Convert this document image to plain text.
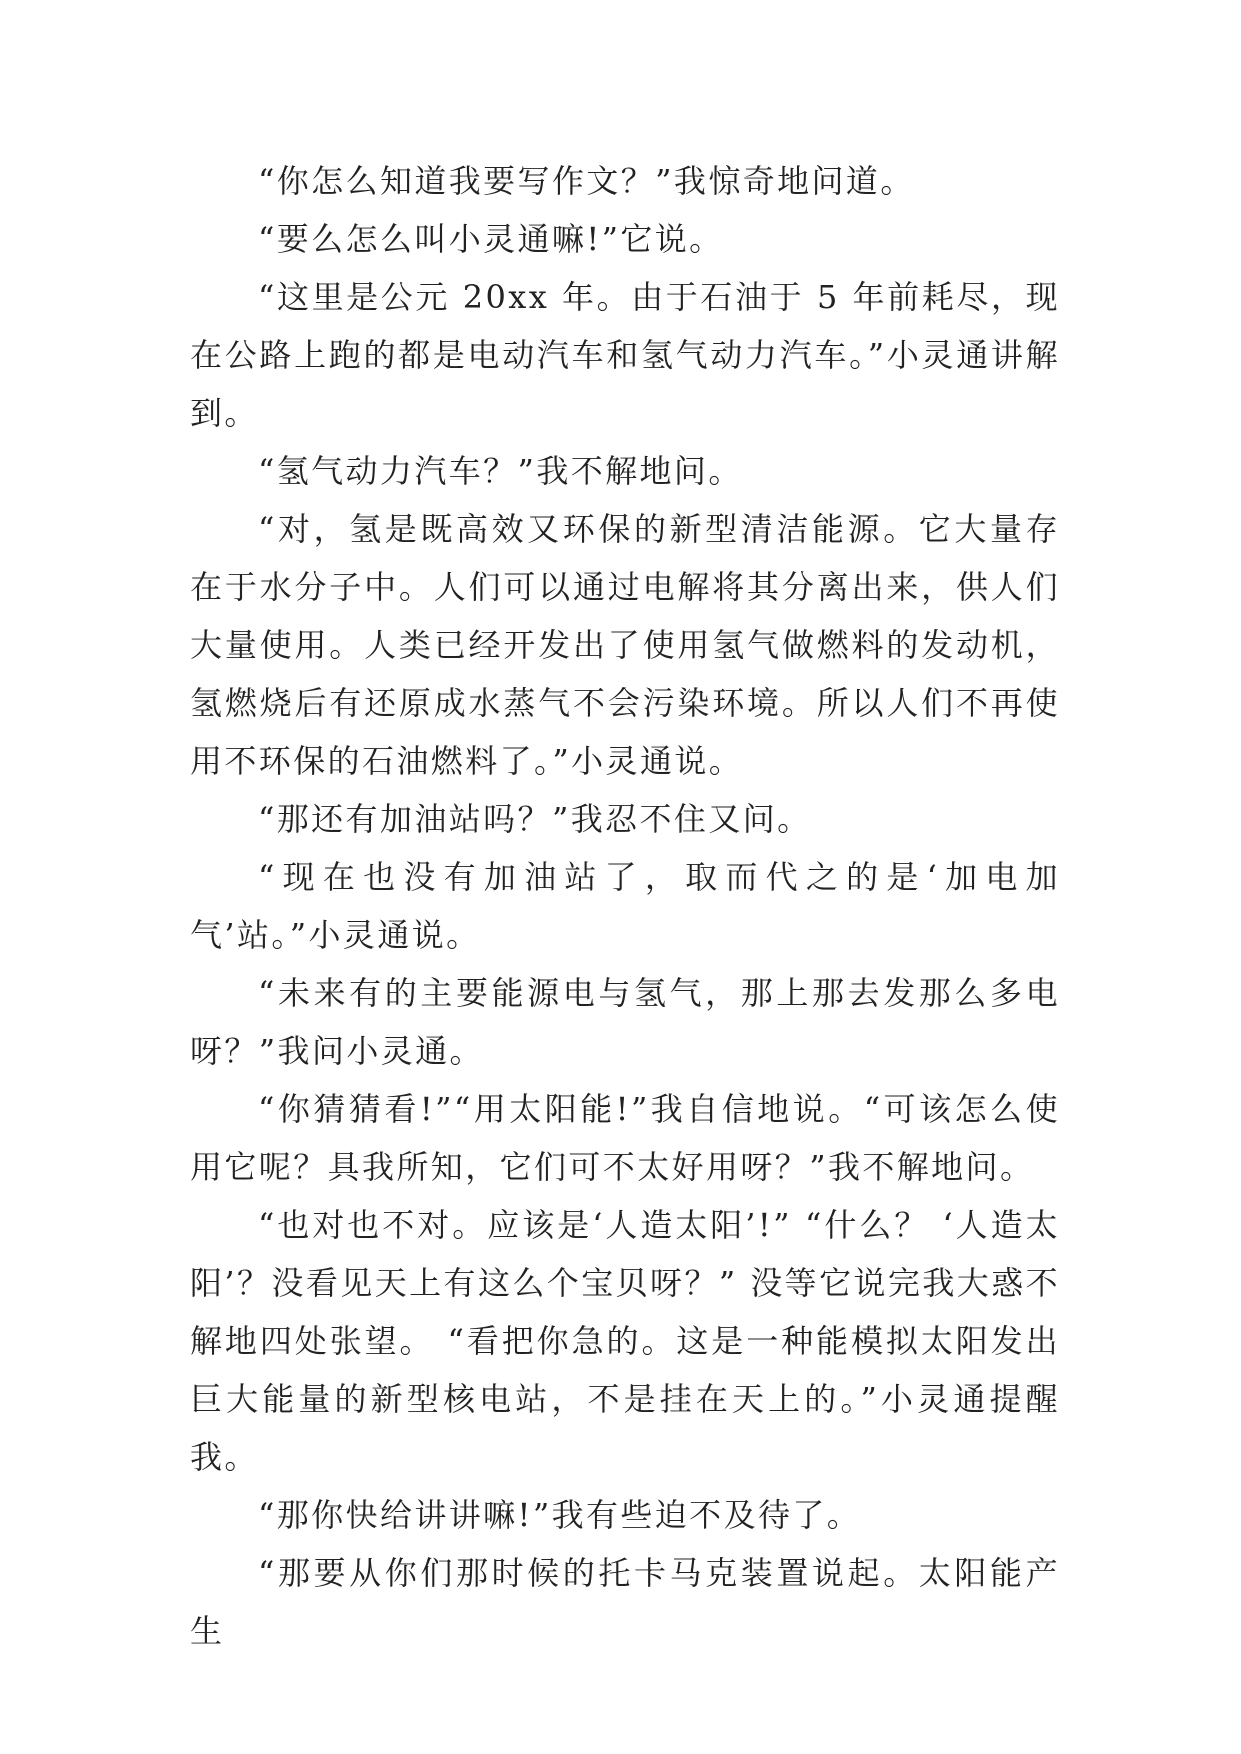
“你怎么知道我要写作文？”我惊奇地问道。

“要么怎么叫小灵通嘛!”它说。

“这里是公元 20xx 年。由于石油于 5 年前耗尽，现在公路上跑的都是电动汽车和氢气动力汽车。”小灵通讲解到。

“氢气动力汽车？”我不解地问。

“对，氢是既高效又环保的新型清洁能源。它大量存在于水分子中。人们可以通过电解将其分离出来，供人们大量使用。人类已经开发出了使用氢气做燃料的发动机，氢燃烧后有还原成水蒸气不会污染环境。所以人们不再使用不环保的石油燃料了。”小灵通说。

“那还有加油站吗？”我忍不住又问。

“现在也没有加油站了，取而代之的是‘加电加气’站。”小灵通说。

“未来有的主要能源电与氢气，那上那去发那么多电呀？”我问小灵通。

“你猜猜看!”“用太阳能!”我自信地说。“可该怎么使用它呢？具我所知，它们可不太好用呀？”我不解地问。

“也对也不对。应该是‘人造太阳’!” “什么？ ‘人造太阳’？没看见天上有这么个宝贝呀？” 没等它说完我大惑不解地四处张望。 “看把你急的。这是一种能模拟太阳发出巨大能量的新型核电站，不是挂在天上的。”小灵通提醒我。

“那你快给讲讲嘛!”我有些迫不及待了。

“那要从你们那时候的托卡马克装置说起。太阳能产生
